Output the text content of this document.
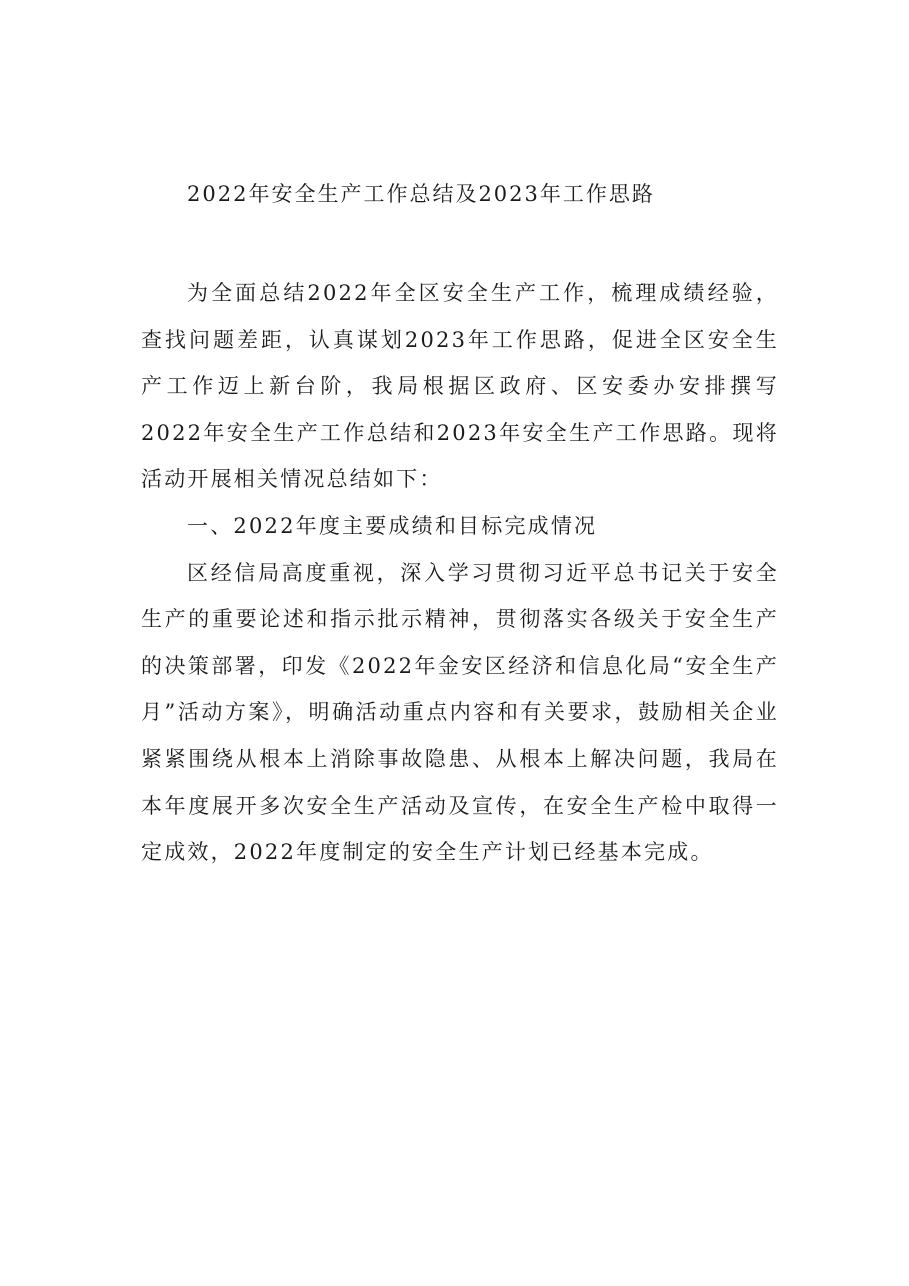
2022年安全生产工作总结及2023年工作思路

为全面总结2022年全区安全生产工作，梳理成绩经验，查找问题差距，认真谋划2023年工作思路，促进全区安全生产工作迈上新台阶，我局根据区政府、区安委办安排撰写2022年安全生产工作总结和2023年安全生产工作思路。现将活动开展相关情况总结如下：

一、2022年度主要成绩和目标完成情况

区经信局高度重视，深入学习贯彻习近平总书记关于安全生产的重要论述和指示批示精神，贯彻落实各级关于安全生产的决策部署，印发《2022年金安区经济和信息化局“安全生产月”活动方案》，明确活动重点内容和有关要求，鼓励相关企业紧紧围绕从根本上消除事故隐患、从根本上解决问题，我局在本年度展开多次安全生产活动及宣传，在安全生产检中取得一定成效，2022年度制定的安全生产计划已经基本完成。
